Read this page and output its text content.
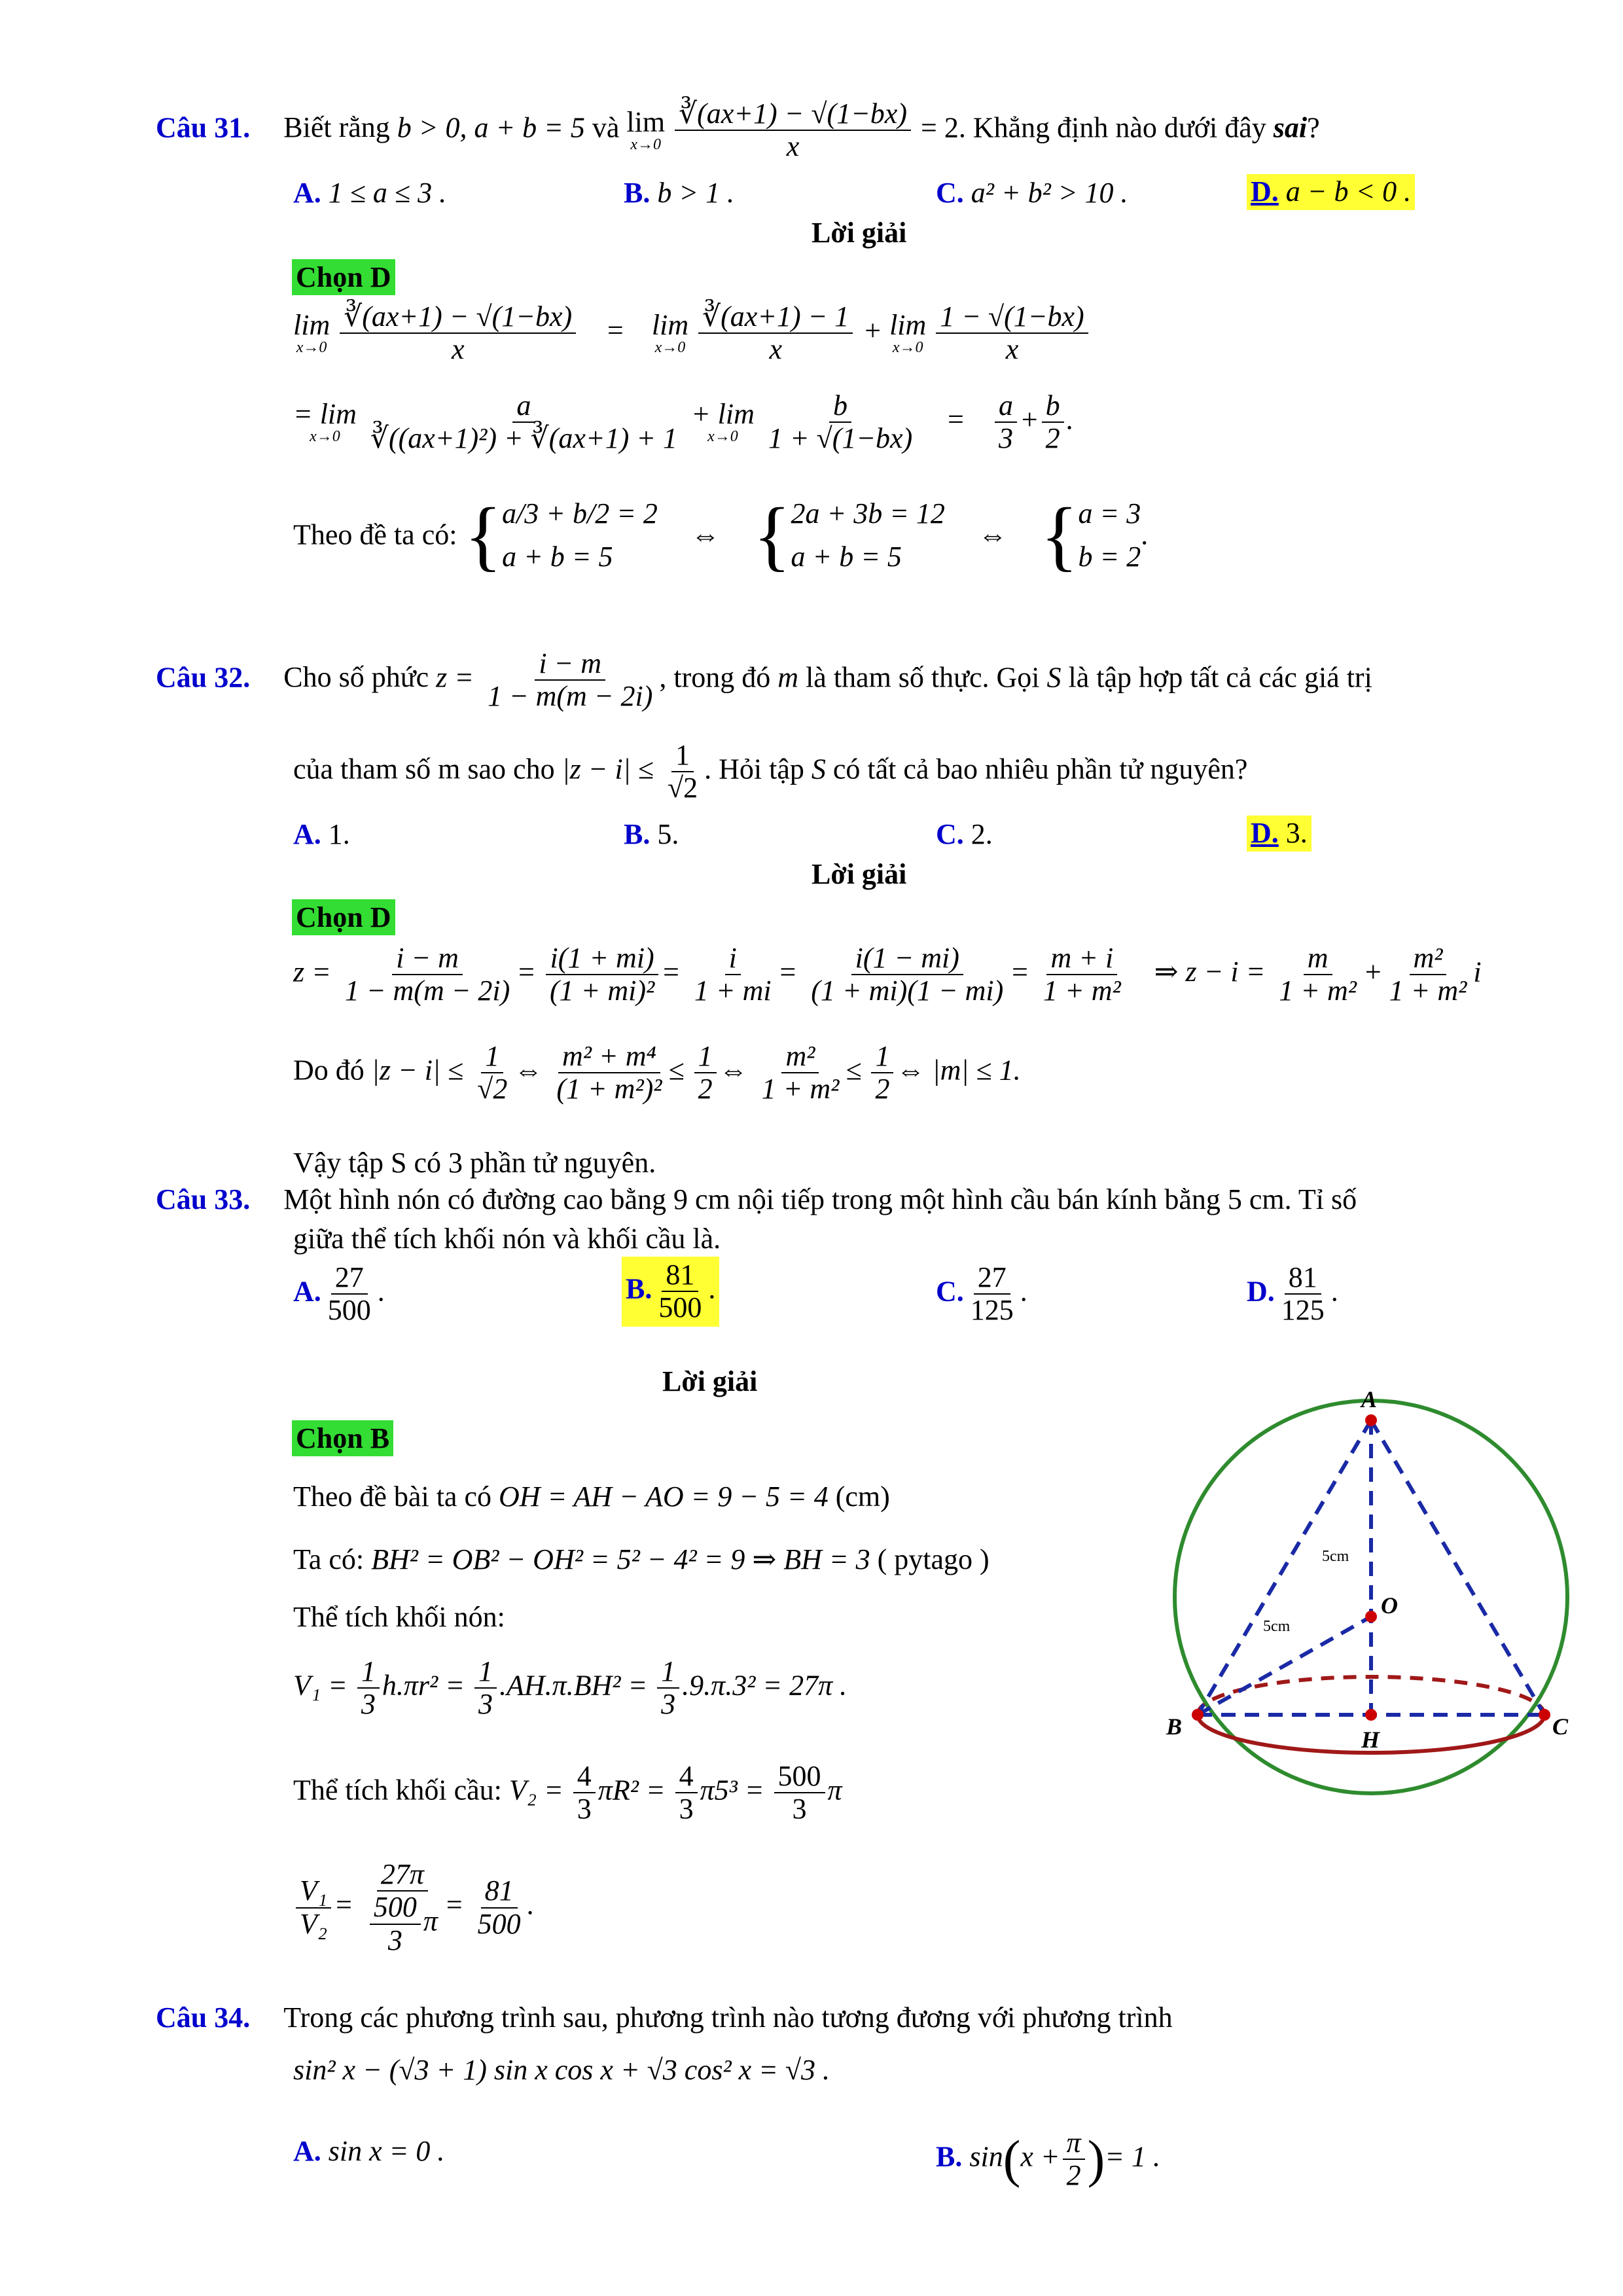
Câu 31. Biết rằng b > 0, a + b = 5 và lim
x→0
$\frac{∛(ax+1) - √(1-bx)}{x} = 2$. Khẳng định nào dưới đây sai?
A. 1 ≤ a ≤ 3 .	B. b > 1 .	C. a² + b² > 10 .	D. a − b < 0 .
Lời giải
Chọn D
lim
x→0
$\frac{∛(ax+1) - √(1-bx)}{x} = \lim$
x→0
$\frac{∛(ax+1) - 1}{x} + \lim$
x→0
$\frac{1 - √(1-bx)}{x}$
= lim
x→0
$\frac{a}{\text{∛((ax+1)²) + ∛(ax+1) + 1}}$
+ lim
x→0
$\frac{b}{1 + √(1-bx)} = \frac{a}{3} + \frac{b}{2}$ .
Theo đề ta có: { a/3 + b/2 = 2
a + b = 5
⇔ { 2a + 3b = 12
a + b = 5
⇔ { a = 3
b = 2
.
Câu 32. Cho số phức $z = \frac{i - m}{1 - m(m - 2i)}$ , trong đó m là tham số thực. Gọi S là tập hợp tất cả các giá trị
của tham số m sao cho $|z - i| \le \frac{1}{√2}$ . Hỏi tập S có tất cả bao nhiêu phần tử nguyên?
A. 1.	B. 5.	C. 2.	D. 3.
Lời giải
Chọn D
$z = \frac{i - m}{1 - m(m - 2i)} = \frac{i(1 + mi)}{\text{(1 + mi)²}} = \frac{i}{1 + mi} = \frac{i(1 - mi)}{(1 + mi)(1 - mi)} = \frac{m + i}{\text{1 + m²}}$ ⇒ $z - i = \frac{m}{\text{1 + m²}} + \frac{\text{m²}}{\text{1 + m²}}$ i
Do đó $|z - i| \le \frac{1}{√2}$ ⇔ $\frac{\text{m² + m⁴}}{\text{(1 + m²)²}} \le \frac{1}{2}$ ⇔ $\frac{\text{m²}}{\text{1 + m²}} \le \frac{1}{2}$ ⇔ |m| ≤ 1.
Vậy tập S có 3 phần tử nguyên.
Câu 33. Một hình nón có đường cao bằng 9 cm nội tiếp trong một hình cầu bán kính bằng 5 cm. Tỉ số
giữa thể tích khối nón và khối cầu là.
A. $\frac{27}{500}$ .	B. $\frac{81}{500}$ .	C. $\frac{27}{125}$ .	D. $\frac{81}{125}$ .
Lời giải
Chọn B
Theo đề bài ta có OH = AH − AO = 9 − 5 = 4 (cm)
Ta có: BH² = OB² − OH² = 5² − 4² = 9 ⇒ BH = 3 ( pytago )
Thể tích khối nón:
$V_1 = \frac{1}{3} h.\pi r^2 = \frac{1}{3} .AH.\pi.BH^2 = \frac{1}{3} .9.\pi.3^2 = 27\pi$ .
Thể tích khối cầu: $V_2 = \frac{4}{3} \pi R^2 = \frac{4}{3} \pi 5^3 = \frac{500}{3}$ π
$\frac{\text{V₁}}{\text{V₂}} = \frac{27\pi}{\frac{500}{3} \pi} = \frac{81}{500}$ .
A
O
B	C
H
5cm
5cm
Câu 34. Trong các phương trình sau, phương trình nào tương đương với phương trình
sin² x − (√3 + 1) sin x cos x + √3 cos² x = √3 .
A. sin x = 0 .	B. $\sin(x + \frac{\pi}{2}$ )= 1 .
